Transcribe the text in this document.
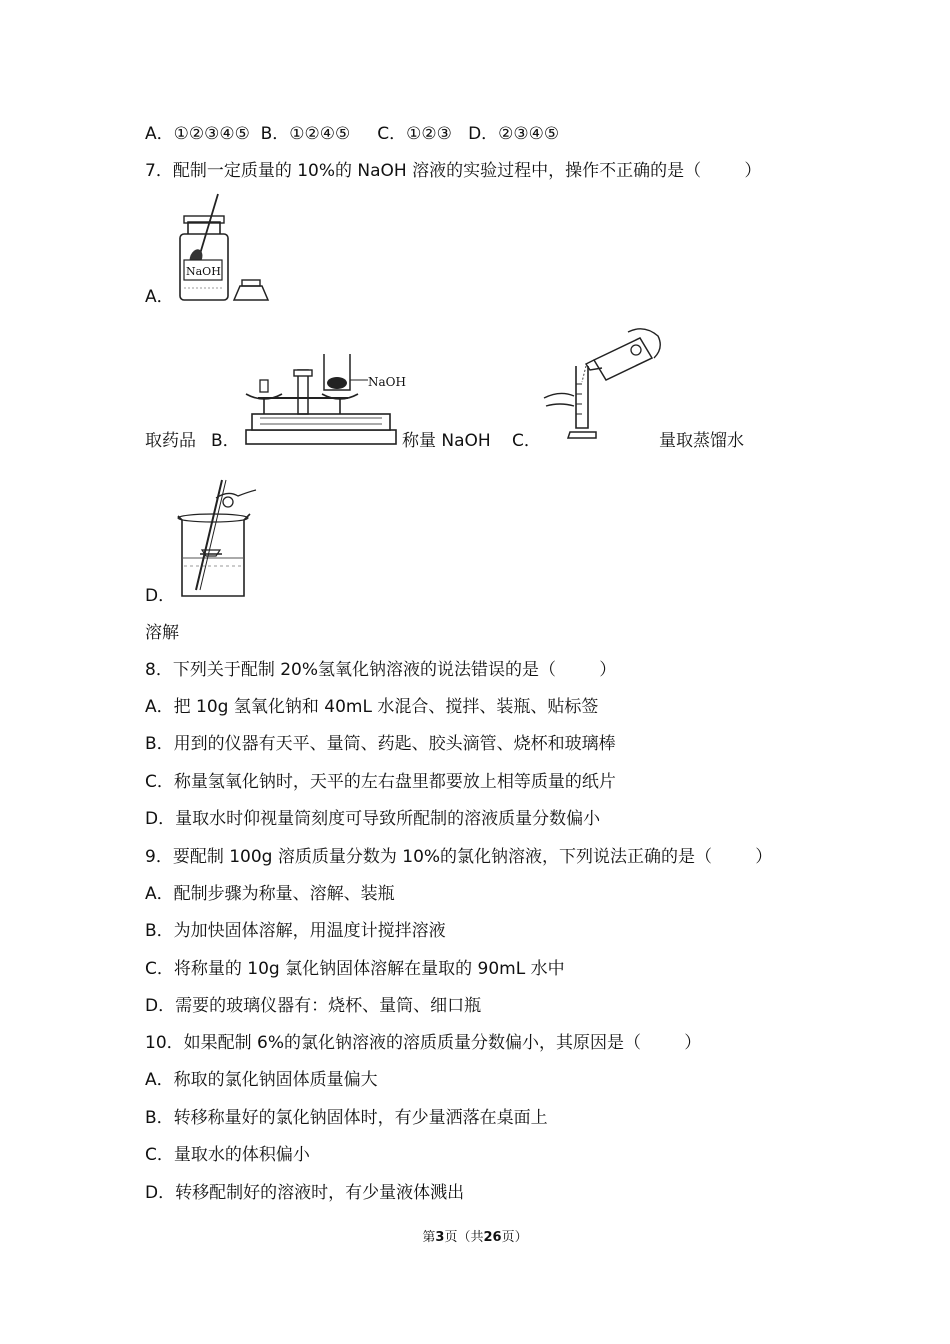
A．①②③④⑤  B．①②④⑤     C．①②③   D．②③④⑤
7．配制一定质量的 10%的 NaOH 溶液的实验过程中，操作不正确的是（        ）
NaOH
A．
取药品 B．
NaOH
称量 NaOH C．	量取蒸馏水
D．
溶解
8．下列关于配制 20%氢氧化钠溶液的说法错误的是（        ）
A．把 10g 氢氧化钠和 40mL 水混合、搅拌、装瓶、贴标签
B．用到的仪器有天平、量筒、药匙、胶头滴管、烧杯和玻璃棒
C．称量氢氧化钠时，天平的左右盘里都要放上相等质量的纸片
D．量取水时仰视量筒刻度可导致所配制的溶液质量分数偏小
9．要配制 100g 溶质质量分数为 10%的氯化钠溶液，下列说法正确的是（        ）
A．配制步骤为称量、溶解、装瓶
B．为加快固体溶解，用温度计搅拌溶液
C．将称量的 10g 氯化钠固体溶解在量取的 90mL 水中
D．需要的玻璃仪器有：烧杯、量筒、细口瓶
10．如果配制 6%的氯化钠溶液的溶质质量分数偏小，其原因是（        ）
A．称取的氯化钠固体质量偏大
B．转移称量好的氯化钠固体时，有少量洒落在桌面上
C．量取水的体积偏小
D．转移配制好的溶液时，有少量液体溅出
第3页（共26页）
